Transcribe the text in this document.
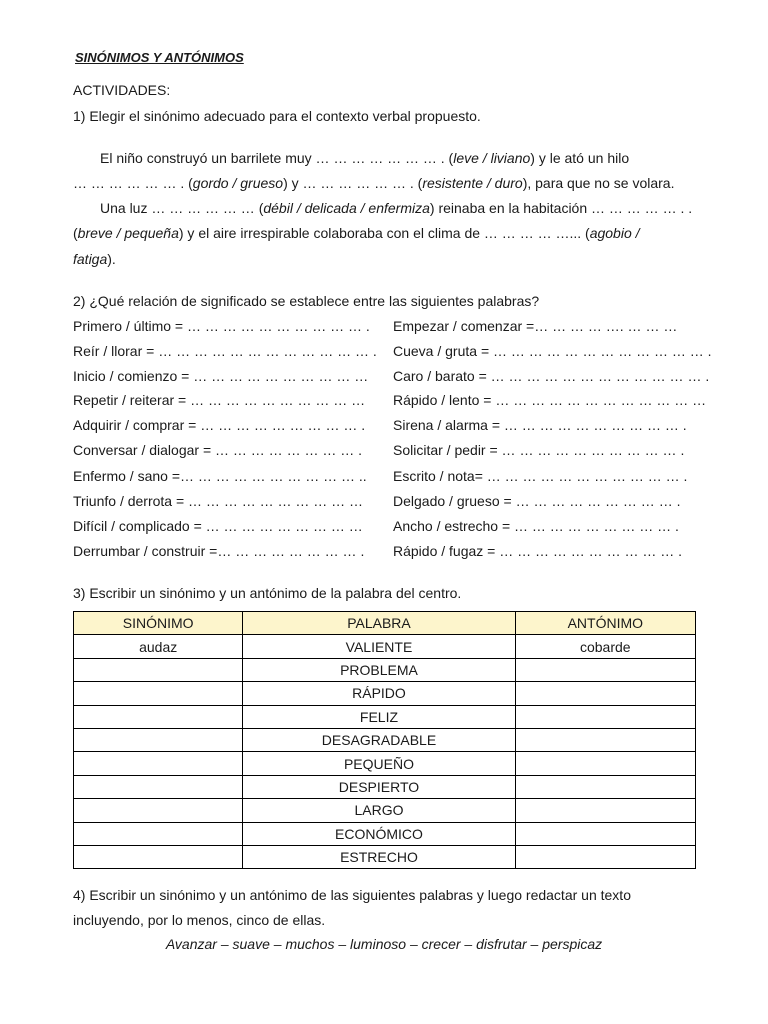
SINÓNIMOS Y ANTÓNIMOS
ACTIVIDADES:
1) Elegir el sinónimo adecuado para el contexto verbal propuesto.
El niño construyó un barrilete muy … … … … … … … . (leve / liviano) y le ató un hilo
… … … … … … . (gordo / grueso) y … … … … … … . (resistente / duro), para que no se volara.
Una luz … … … … … … (débil / delicada / enfermiza) reinaba en la habitación … … … … … . .
(breve / pequeña) y el aire irrespirable colaboraba con el clima de … … … … …... (agobio /
fatiga).
2) ¿Qué relación de significado se establece entre las siguientes palabras?
Primero / último = … … … … … … … … … … .
Reír / llorar = … … … … … … … … … … … … .
Inicio / comienzo = … … … … … … … … … …
Repetir / reiterar = … … … … … … … … … …
Adquirir / comprar = … … … … … … … … … .
Conversar / dialogar = … … … … … … … … .
Enfermo / sano =… … … … … … … … … … ..
Triunfo / derrota = … … … … … … … … … …
Difícil / complicado = … … … … … … … … …
Derrumbar / construir =… … … … … … … … .
Empezar / comenzar =… … … … …. … … …
Cueva / gruta = … … … … … … … … … … … … .
Caro / barato = … … … … … … … … … … … … .
Rápido / lento = … … … … … … … … … … … …
Sirena / alarma = … … … … … … … … … … .
Solicitar / pedir = … … … … … … … … … … .
Escrito / nota= … … … … … … … … … … … .
Delgado / grueso = … … … … … … … … … .
Ancho / estrecho = … … … … … … … … … .
Rápido / fugaz = … … … … … … … … … … .
3) Escribir un sinónimo y un antónimo de la palabra del centro.
SINÓNIMO	PALABRA	ANTÓNIMO
audaz	VALIENTE	cobarde
	PROBLEMA	
	RÁPIDO	
	FELIZ	
	DESAGRADABLE	
	PEQUEÑO	
	DESPIERTO	
	LARGO	
	ECONÓMICO	
	ESTRECHO	
4) Escribir un sinónimo y un antónimo de las siguientes palabras y luego redactar un texto
incluyendo, por lo menos, cinco de ellas.
Avanzar – suave – muchos – luminoso – crecer – disfrutar – perspicaz
